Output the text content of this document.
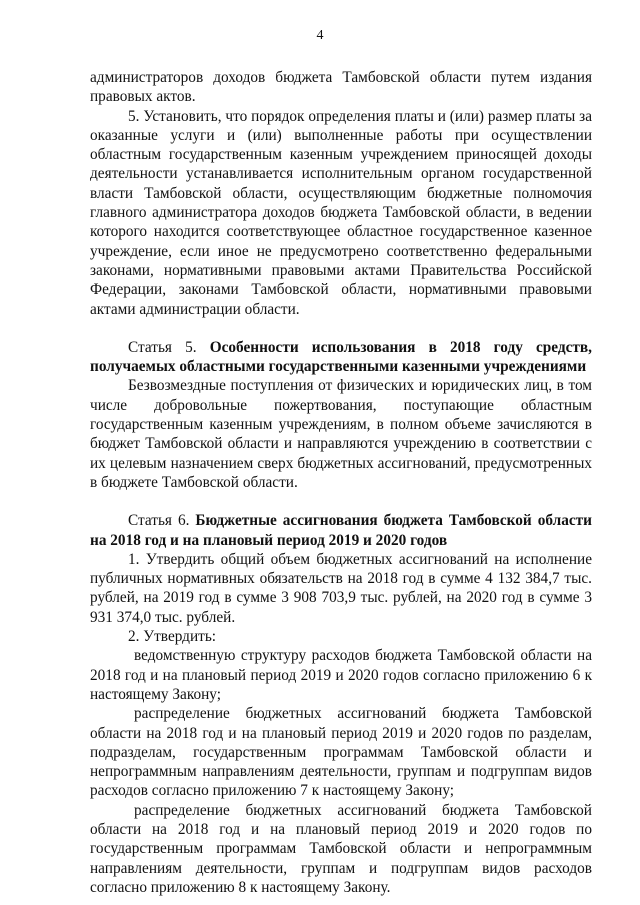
4

администраторов доходов бюджета Тамбовской области путем издания правовых актов.

5. Установить, что порядок определения платы и (или) размер платы за оказанные услуги и (или) выполненные работы при осуществлении областным государственным казенным учреждением приносящей доходы деятельности устанавливается исполнительным органом государственной власти Тамбовской области, осуществляющим бюджетные полномочия главного администратора доходов бюджета Тамбовской области, в ведении которого находится соответствующее областное государственное казенное учреждение, если иное не предусмотрено соответственно федеральными законами, нормативными правовыми актами Правительства Российской Федерации, законами Тамбовской области, нормативными правовыми актами администрации области.

Статья 5. Особенности использования в 2018 году средств, получаемых областными государственными казенными учреждениями

Безвозмездные поступления от физических и юридических лиц, в том числе добровольные пожертвования, поступающие областным государственным казенным учреждениям, в полном объеме зачисляются в бюджет Тамбовской области и направляются учреждению в соответствии с их целевым назначением сверх бюджетных ассигнований, предусмотренных в бюджете Тамбовской области.

Статья 6. Бюджетные ассигнования бюджета Тамбовской области на 2018 год и на плановый период 2019 и 2020 годов

1. Утвердить общий объем бюджетных ассигнований на исполнение публичных нормативных обязательств на 2018 год в сумме 4 132 384,7 тыс. рублей, на 2019 год в сумме 3 908 703,9 тыс. рублей, на 2020 год в сумме 3 931 374,0 тыс. рублей.

2. Утвердить:

ведомственную структуру расходов бюджета Тамбовской области на 2018 год и на плановый период 2019 и 2020 годов согласно приложению 6 к настоящему Закону;

распределение бюджетных ассигнований бюджета Тамбовской области на 2018 год и на плановый период 2019 и 2020 годов по разделам, подразделам, государственным программам Тамбовской области и непрограммным направлениям деятельности, группам и подгруппам видов расходов согласно приложению 7 к настоящему Закону;

распределение бюджетных ассигнований бюджета Тамбовской области на 2018 год и на плановый период 2019 и 2020 годов по государственным программам Тамбовской области и непрограммным направлениям деятельности, группам и подгруппам видов расходов согласно приложению 8 к настоящему Закону.
